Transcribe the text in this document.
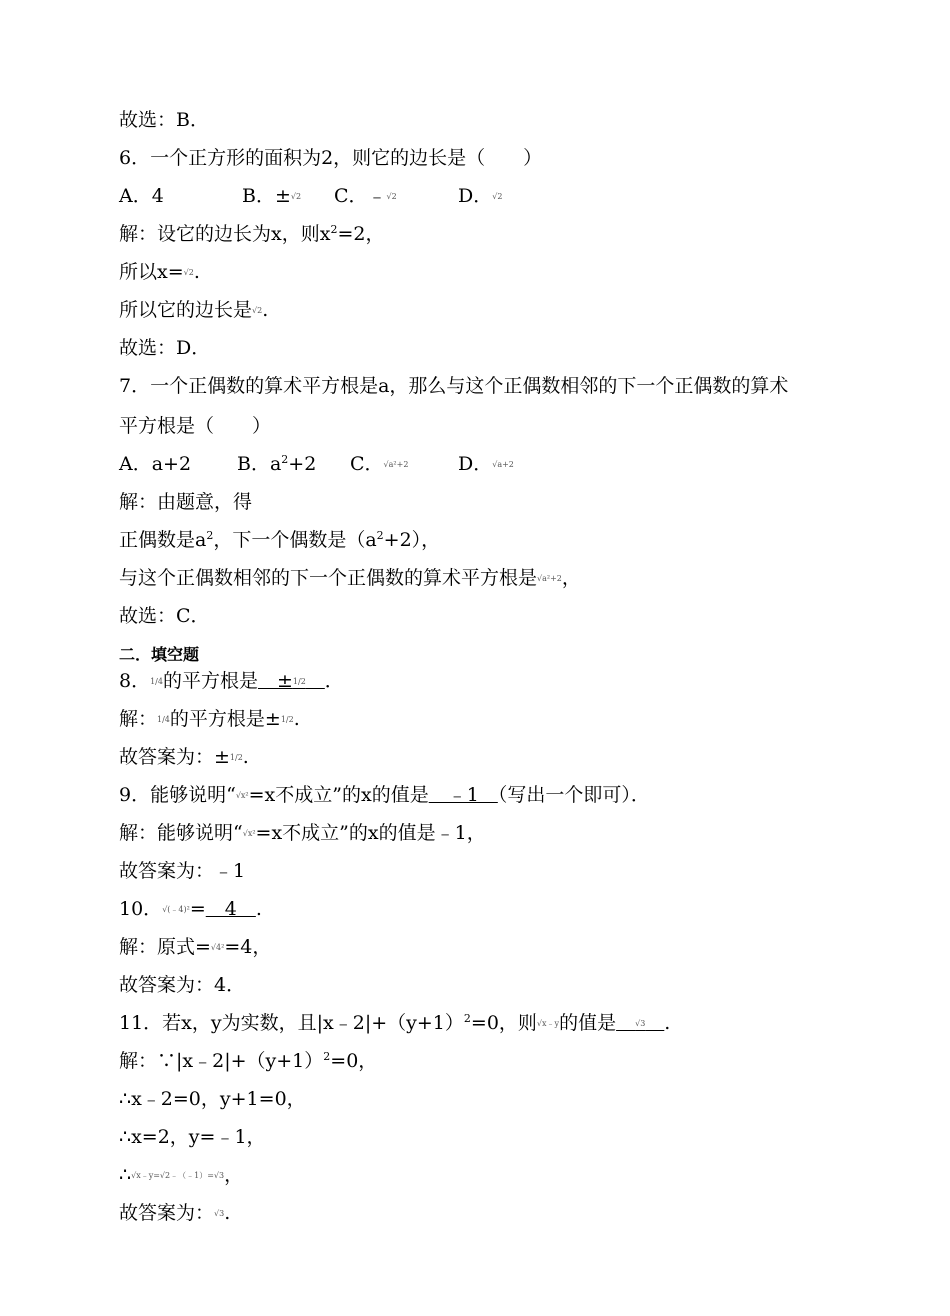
故选：B．
6．一个正方形的面积为2，则它的边长是（　　）
A．4	B．±√2 C．﹣√2	D．√2
解：设它的边长为x，则$x^2=2$，
所以x=√2.
所以它的边长是√2.
故选：D．
7．一个正偶数的算术平方根是a，那么与这个正偶数相邻的下一个正偶数的算术
平方根是（　　）
A．a+2 B．$a^2+2$ C．√a²+2	D．√a+2
解：由题意，得
正偶数是$a^2$，下一个偶数是$(a^2+2)$，
与这个正偶数相邻的下一个正偶数的算术平方根是√a²+2，
故选：C．
二．填空题
8．1/4的平方根是　±1/2　 ．
解：1/4的平方根是±1/2.
故答案为：±1/2.
9．能够说明“√x²=x不成立”的x的值是　﹣1　（写出一个即可）．
解：能够说明“√x²=x不成立”的x的值是﹣1，
故答案为：﹣1
10．√(﹣4)²=　4　.
解：原式=√4²=4，
故答案为：4．
11．若x，y为实数，且$|x﹣2|+(y+1)^2=0$，则√x﹣y的值是　 √3　 .
解：$\because|x﹣2|+(y+1)^2=0$，
∴x﹣2=0，y+1=0，
∴x=2，y=﹣1，
∴√x﹣y=√2﹣（﹣1）=√3，
故答案为：√3.
